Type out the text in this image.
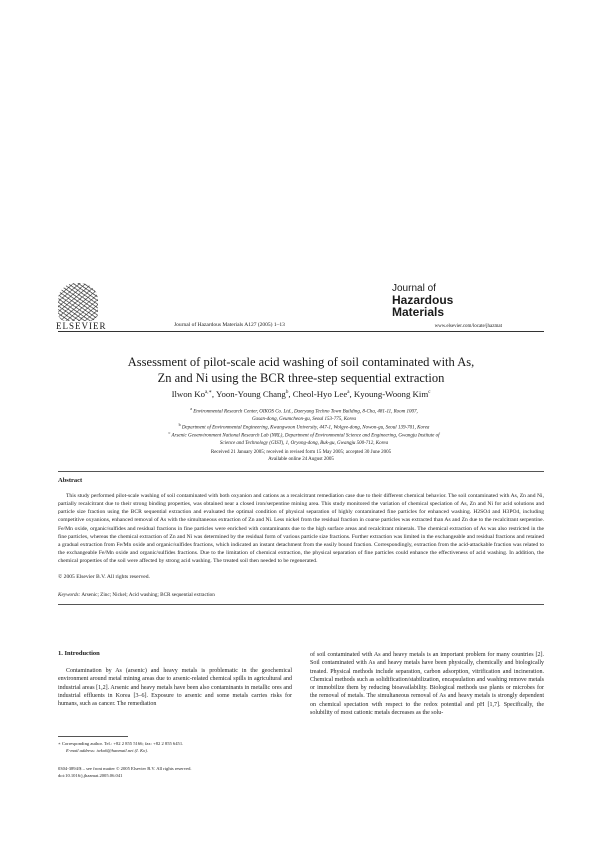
ELSEVIER	Journal of Hazardous Materials A127 (2005) 1–13
Journal of
Hazardous
Materials
www.elsevier.com/locate/jhazmat
Assessment of pilot-scale acid washing of soil contaminated with As,
Zn and Ni using the BCR three-step sequential extraction
Ilwon $Ko^{a,∗}$, Yoon-Young Chang$^b$, Cheol-Hyo Lee$^a$, Kyoung-Woong Kim$^c$
$^a$ Environmental Research Center, OIKOS Co. Ltd., Daeryung Techno Town Building, 8-Cha, 481-11, Room 1007,
Gasan-dong, Geumcheon-gu, Seoul 153-775, Korea
$^b$ Department of Environmental Engineering, Kwangwoon University, 447-1, Wolgye-dong, Nowon-gu, Seoul 139-701, Korea
$^c$ Arsenic Geoenvironment National Research Lab (NRL), Department of Environmental Science and Engineering, Gwangju Institute of
Science and Technology (GIST), 1, Oryong-dong, Buk-gu, Gwangju 500-712, Korea
Received 21 January 2005; received in revised form 15 May 2005; accepted 30 June 2005
Available online 24 August 2005
Abstract
This study performed pilot-scale washing of soil contaminated with both oxyanion and cations as a recalcitrant remediation case due to their different chemical behavior. The soil contaminated with As, Zn and Ni, partially recalcitrant due to their strong binding properties, was obtained near a closed iron/serpentine mining area. This study monitored the variation of chemical speciation of As, Zn and Ni for acid solutions and particle size fraction using the BCR sequential extraction and evaluated the optimal condition of physical separation of highly contaminated fine particles for enhanced washing. H2SO4 and H3PO4, including competitive oxyanions, enhanced removal of As with the simultaneous extraction of Zn and Ni. Less nickel from the residual fraction in coarse particles was extracted than As and Zn due to the recalcitrant serpentine. Fe/Mn oxide, organic/sulfides and residual fractions in fine particles were enriched with contaminants due to the high surface areas and recalcitrant minerals. The chemical extraction of As was also restricted in the fine particles, whereas the chemical extraction of Zn and Ni was determined by the residual form of various particle size fractions. Further extraction was limited in the exchangeable and residual fractions and retained a gradual extraction from Fe/Mn oxide and organic/sulfides fractions, which indicated an instant detachment from the easily bound fraction. Correspondingly, extraction from the acid-attackable fraction was related to the exchangeable Fe/Mn oxide and organic/sulfides fractions. Due to the limitation of chemical extraction, the physical separation of fine particles could enhance the effectiveness of acid washing. In addition, the chemical properties of the soil were affected by strong acid washing. The treated soil then needed to be regenerated.
© 2005 Elsevier B.V. All rights reserved.
Keywords: Arsenic; Zinc; Nickel; Acid washing; BCR sequential extraction
1. Introduction
Contamination by As (arsenic) and heavy metals is problematic in the geochemical environment around metal mining areas due to arsenic-related chemical spills in agricultural and industrial areas [1,2]. Arsenic and heavy metals have been also contaminants in metallic ores and industrial effluents in Korea [3–6]. Exposure to arsenic and some metals carries risks for humans, such as cancer. The remediation
of soil contaminated with As and heavy metals is an important problem for many countries [2]. Soil contaminated with As and heavy metals have been physically, chemically and biologically treated. Physical methods include separation, carbon adsorption, vitrification and incineration. Chemical methods such as solidification/stabilization, encapsulation and washing remove metals or immobilize them by reducing bioavailability. Biological methods use plants or microbes for the removal of metals. The simultaneous removal of As and heavy metals is strongly dependent on chemical speciation with respect to the redox potential and pH [1,7]. Specifically, the solubility of most cationic metals decreases as the solu-
∗ Corresponding author. Tel.: +82 2 855 5166; fax: +82 2 855 6451.
E-mail address: iwko6@hanmail.net (I. Ko).
0304-3894/$ – see front matter © 2005 Elsevier B.V. All rights reserved.
doi:10.1016/j.jhazmat.2005.06.041
